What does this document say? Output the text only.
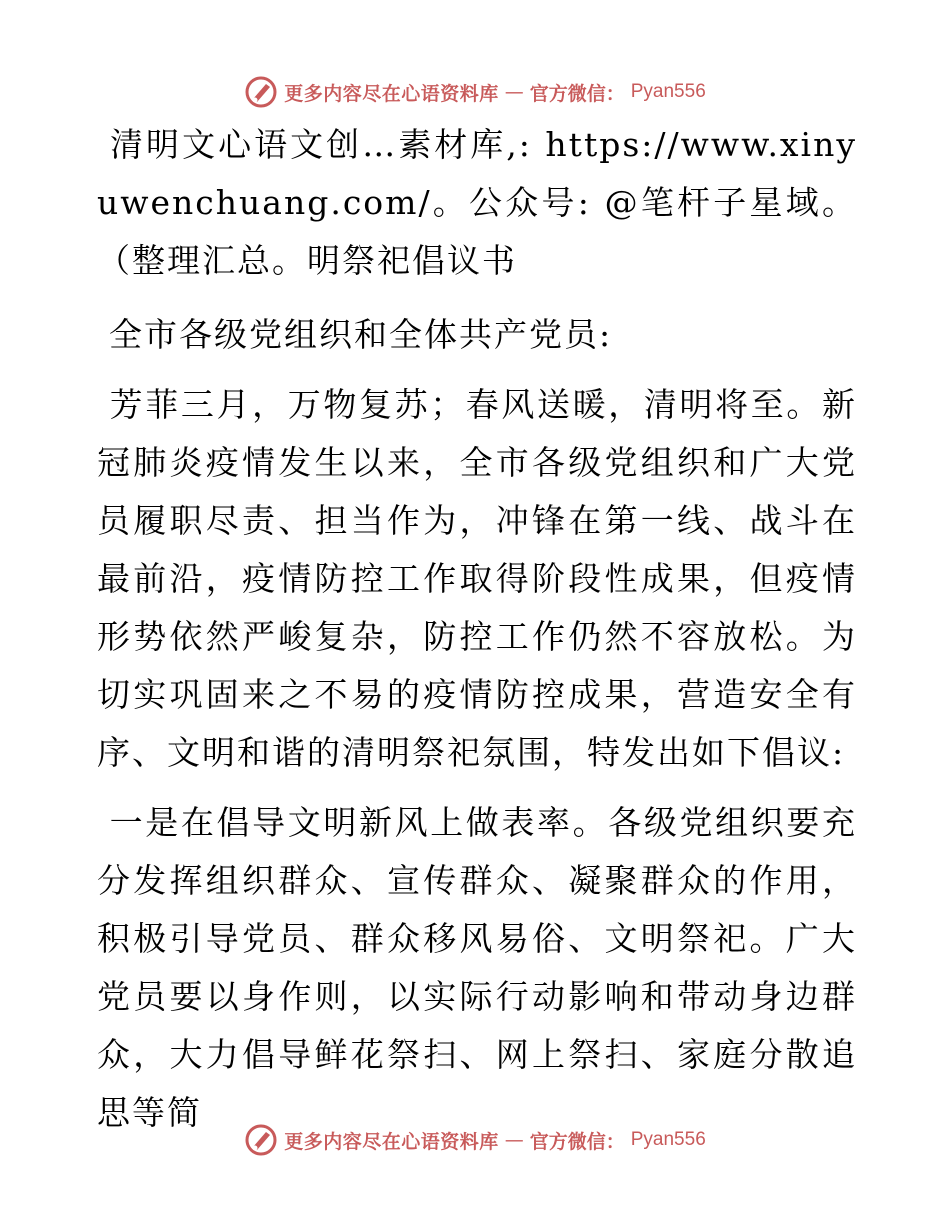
更多内容尽在心语资料库 — 官方微信： Pyan556

清明文心语文创…素材库,: https://www.xinyuwenchuang.com/。公众号: @笔杆子星域。（整理汇总。明祭祀倡议书

全市各级党组织和全体共产党员:

芳菲三月，万物复苏；春风送暖，清明将至。新冠肺炎疫情发生以来，全市各级党组织和广大党员履职尽责、担当作为，冲锋在第一线、战斗在最前沿，疫情防控工作取得阶段性成果，但疫情形势依然严峻复杂，防控工作仍然不容放松。为切实巩固来之不易的疫情防控成果，营造安全有序、文明和谐的清明祭祀氛围，特发出如下倡议:

一是在倡导文明新风上做表率。各级党组织要充分发挥组织群众、宣传群众、凝聚群众的作用，积极引导党员、群众移风易俗、文明祭祀。广大党员要以身作则，以实际行动影响和带动身边群众，大力倡导鲜花祭扫、网上祭扫、家庭分散追思等简

更多内容尽在心语资料库 — 官方微信： Pyan556
